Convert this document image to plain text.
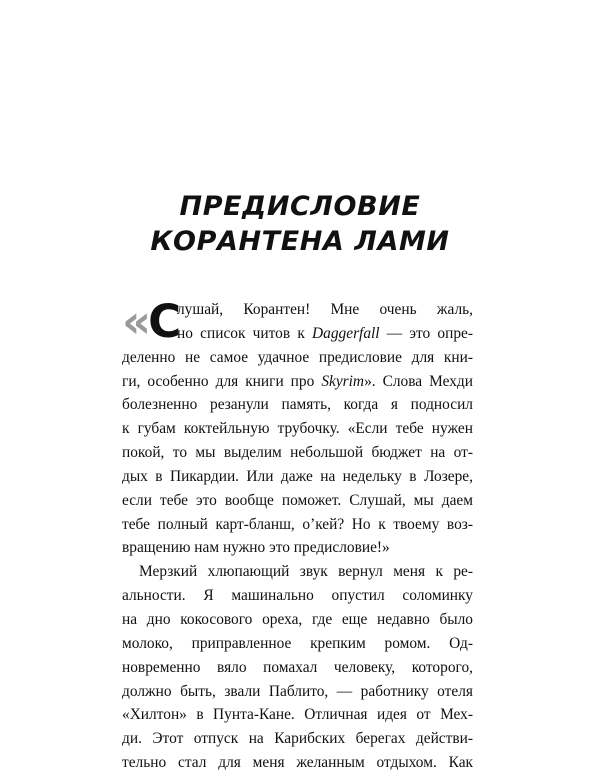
ПРЕДИСЛОВИЕ
КОРАНТЕНА ЛАМИ
«С
лушай, Корантен! Мне очень жаль,
но список читов к Daggerfall — это опре-
деленно не самое удачное предисловие для кни-
ги, особенно для книги про Skyrim». Слова Мехди
болезненно резанули память, когда я подносил
к губам коктейльную трубочку. «Если тебе нужен
покой, то мы выделим небольшой бюджет на от-
дых в Пикардии. Или даже на недельку в Лозере,
если тебе это вообще поможет. Слушай, мы даем
тебе полный карт-бланш, о’кей? Но к твоему воз-
вращению нам нужно это предисловие!»
Мерзкий хлюпающий звук вернул меня к ре-
альности. Я машинально опустил соломинку
на дно кокосового ореха, где еще недавно было
молоко, приправленное крепким ромом. Од-
новременно вяло помахал человеку, которого,
должно быть, звали Паблито, — работнику отеля
«Хилтон» в Пунта-Кане. Отличная идея от Мех-
ди. Этот отпуск на Карибских берегах действи-
тельно стал для меня желанным отдыхом. Как
